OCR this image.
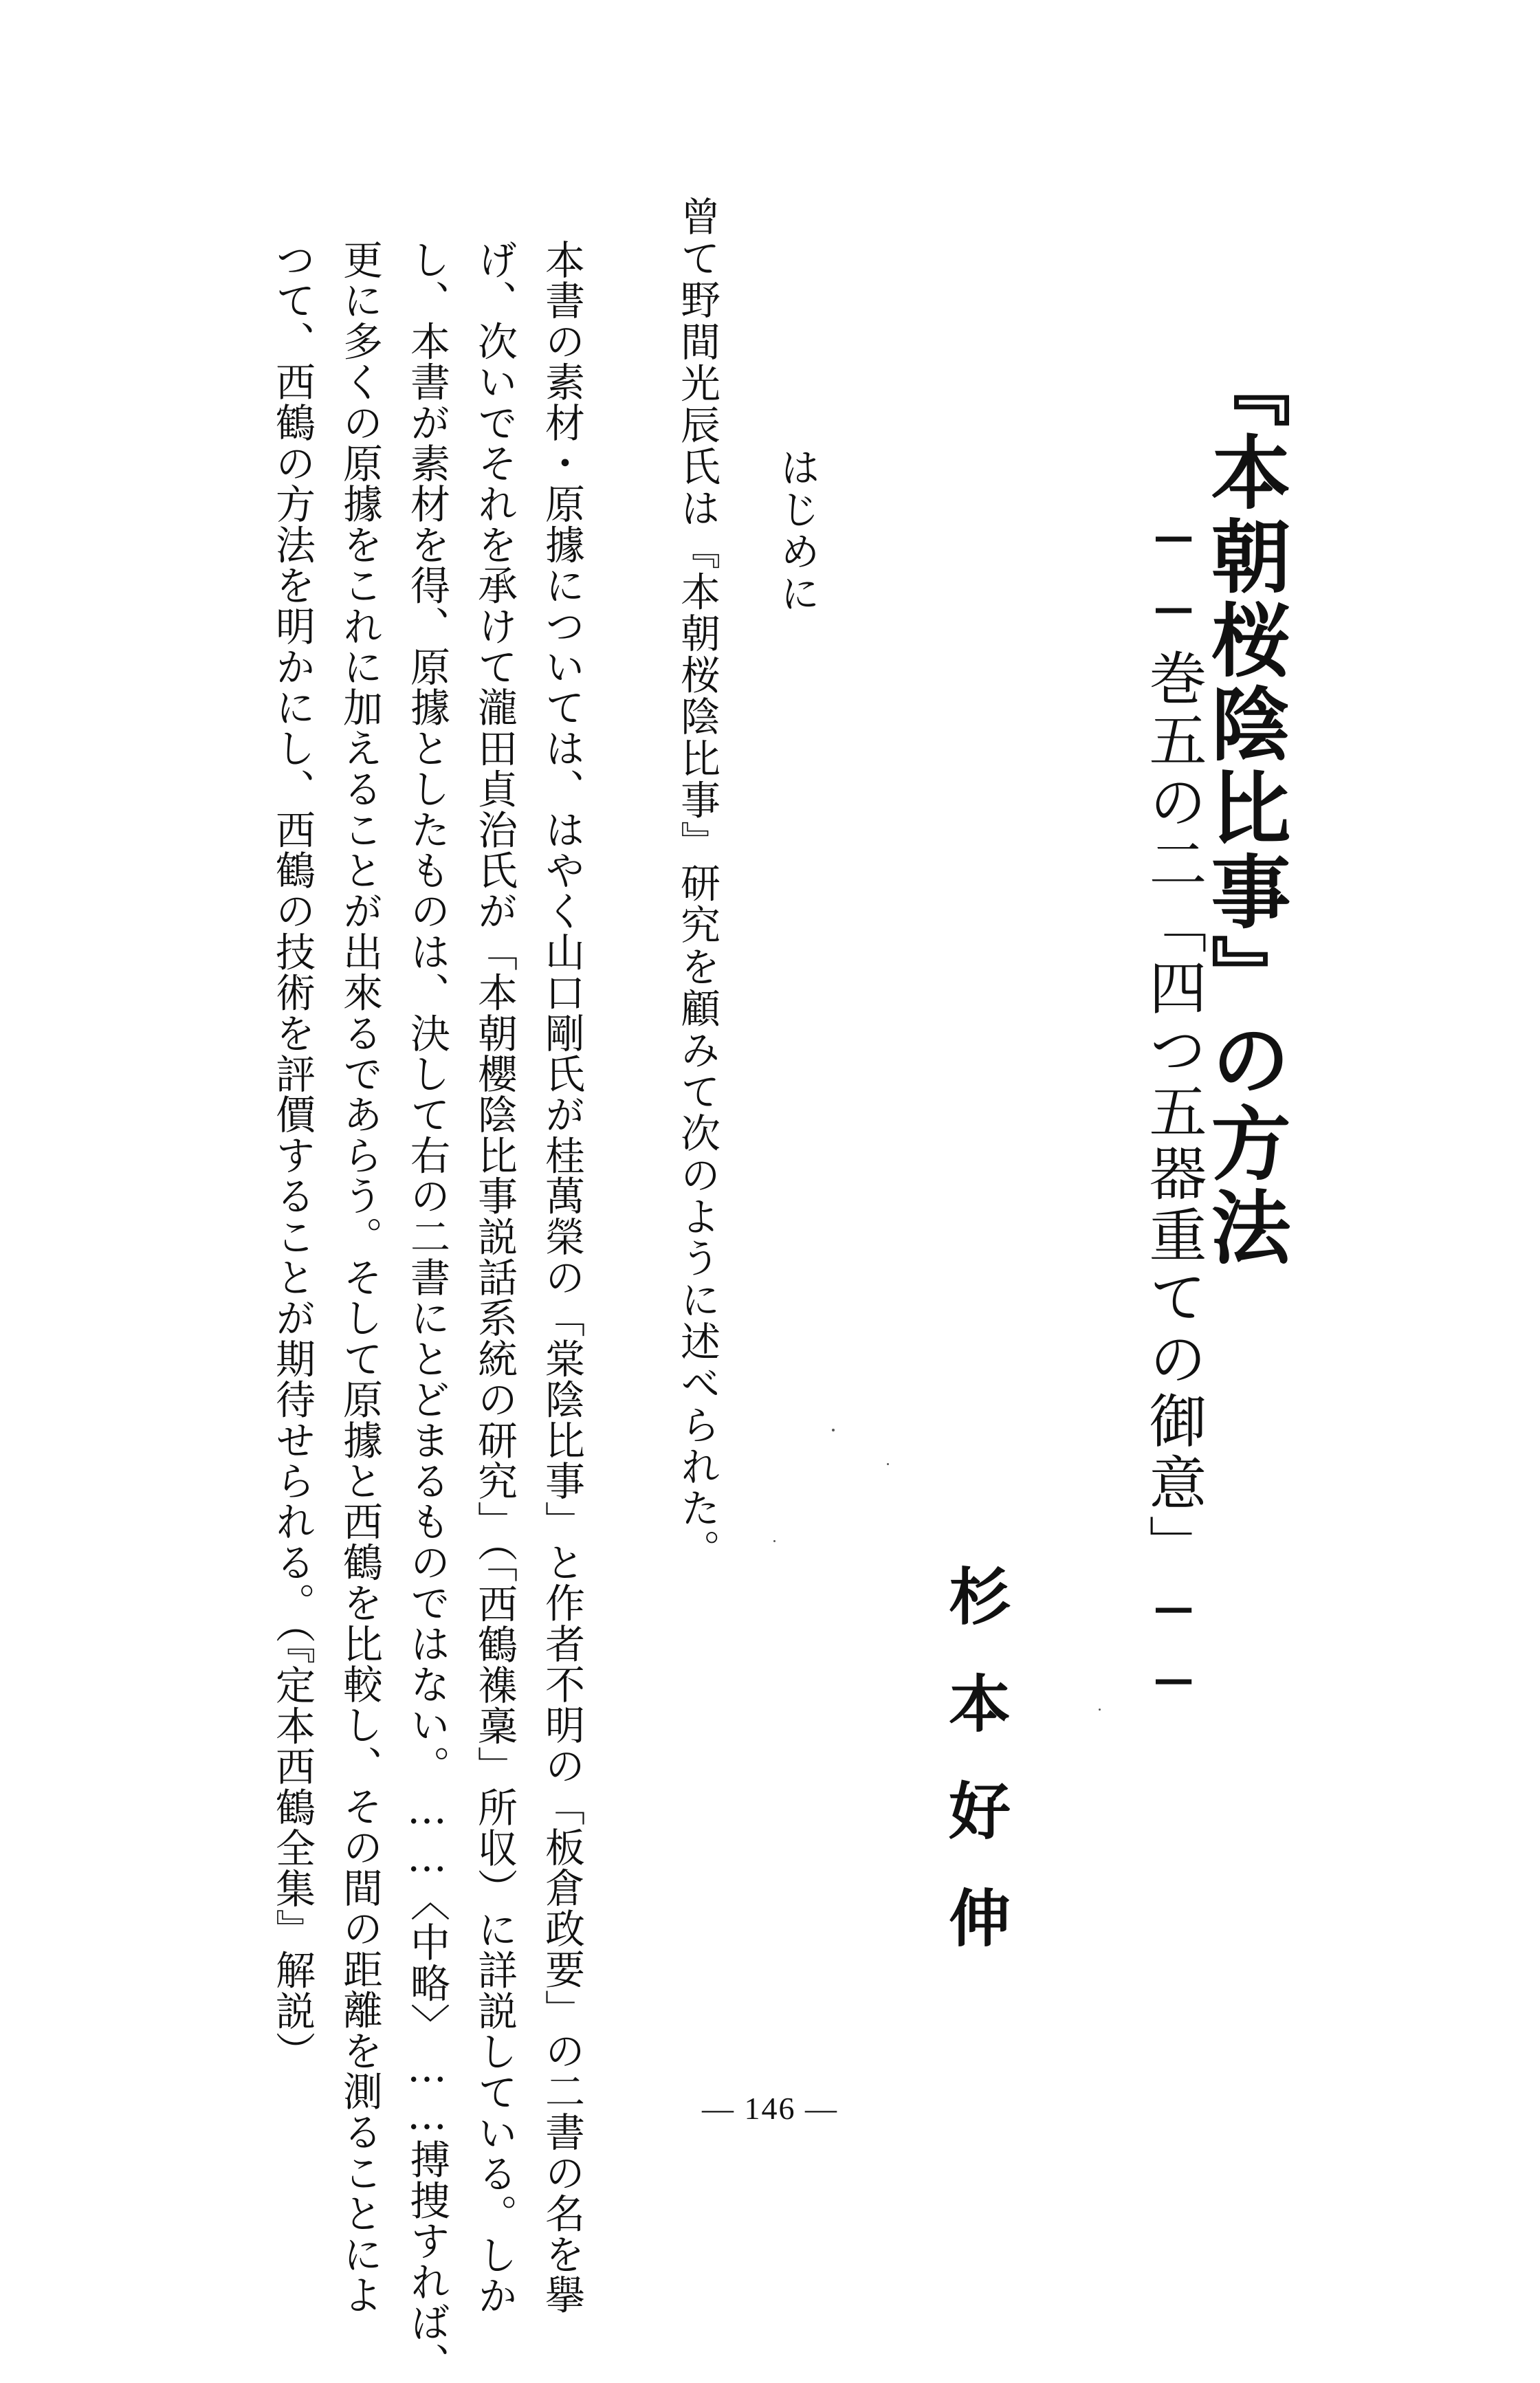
『本朝桜陰比事』の方法
──巻五の二「四つ五器重ての御意」──
杉本好伸
はじめに
曾て野間光辰氏は『本朝桜陰比事』研究を顧みて次のように述べられた。
本書の素材・原據については、はやく山口剛氏が桂萬榮の「棠陰比事」と作者不明の「板倉政要」の二書の名を擧
げ、次いでそれを承けて瀧田貞治氏が「本朝櫻陰比事説話系統の研究」（「西鶴襍稾」所収）に詳説している。しか
し、本書が素材を得、原據としたものは、決して右の二書にとどまるものではない。……〈中略〉……搏捜すれば、
更に多くの原據をこれに加えることが出來るであらう。そして原據と西鶴を比較し、その間の距離を測ることによ
つて、西鶴の方法を明かにし、西鶴の技術を評價することが期待せられる。（『定本西鶴全集』解説）
— 146 —
